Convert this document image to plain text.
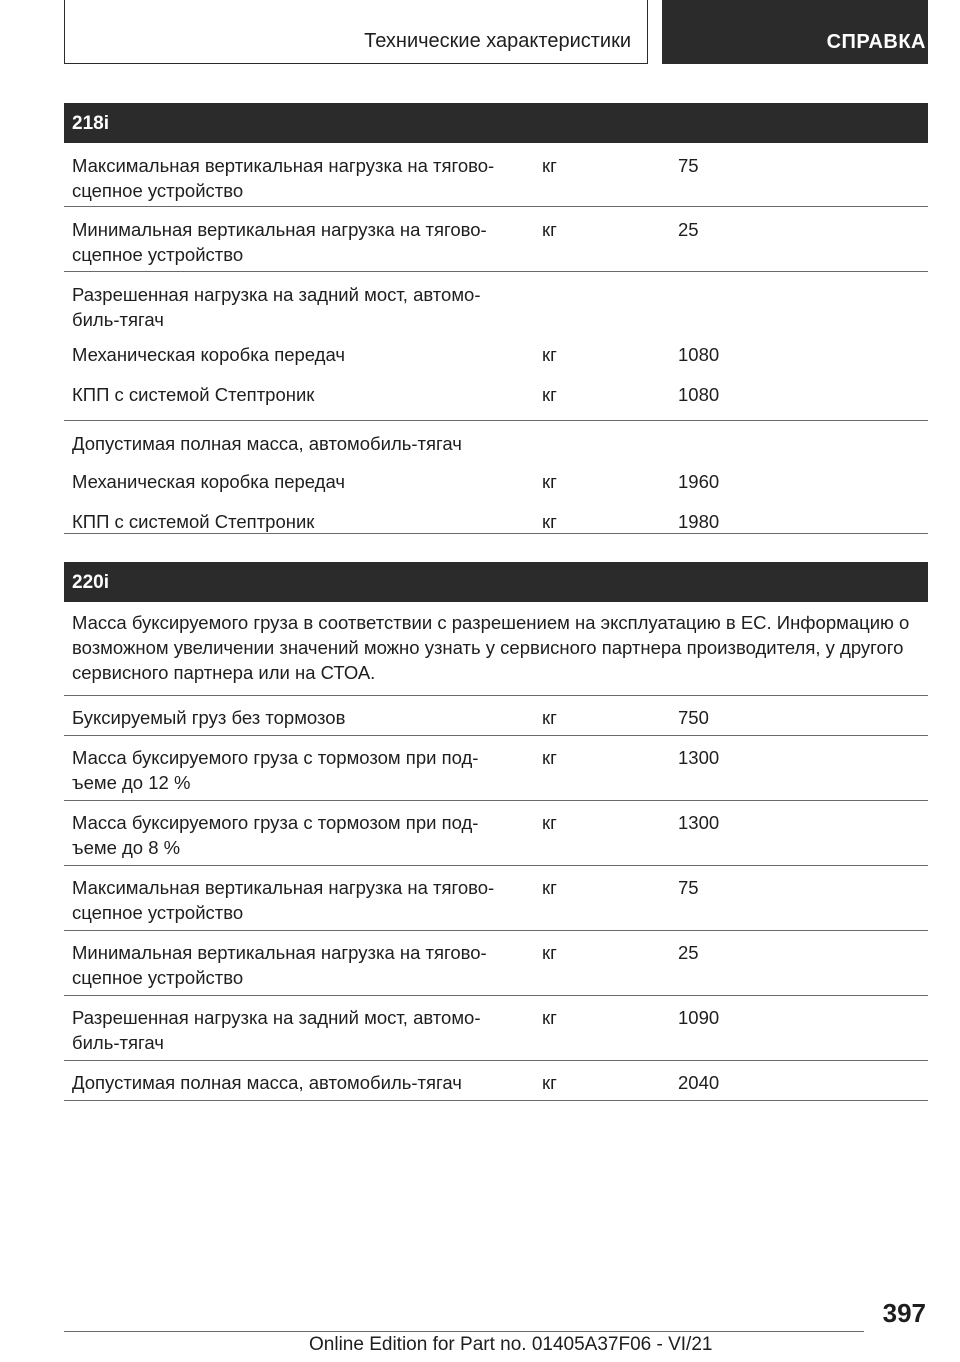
Технические характеристики	СПРАВКА
218i
Максимальная вертикальная нагрузка на тягово-
сцепное устройство
кг	75
Минимальная вертикальная нагрузка на тягово-
сцепное устройство
кг	25
Разрешенная нагрузка на задний мост, автомо-
биль-тягач
Механическая коробка передач	кг	1080
КПП с системой Стептроник	кг	1080
Допустимая полная масса, автомобиль-тягач
Механическая коробка передач	кг	1960
КПП с системой Стептроник	кг	1980
220i
Масса буксируемого груза в соответствии с разрешением на эксплуатацию в ЕС. Информацию о возможном увеличении значений можно узнать у сервисного партнера производителя, у другого сервисного партнера или на СТОА.
Буксируемый груз без тормозов	кг	750
Масса буксируемого груза с тормозом при под-
ъеме до 12 %
кг	1300
Масса буксируемого груза с тормозом при под-
ъеме до 8 %
кг	1300
Максимальная вертикальная нагрузка на тягово-
сцепное устройство
кг	75
Минимальная вертикальная нагрузка на тягово-
сцепное устройство
кг	25
Разрешенная нагрузка на задний мост, автомо-
биль-тягач
кг	1090
Допустимая полная масса, автомобиль-тягач	кг	2040
397
Online Edition for Part no. 01405A37F06 - VI/21
